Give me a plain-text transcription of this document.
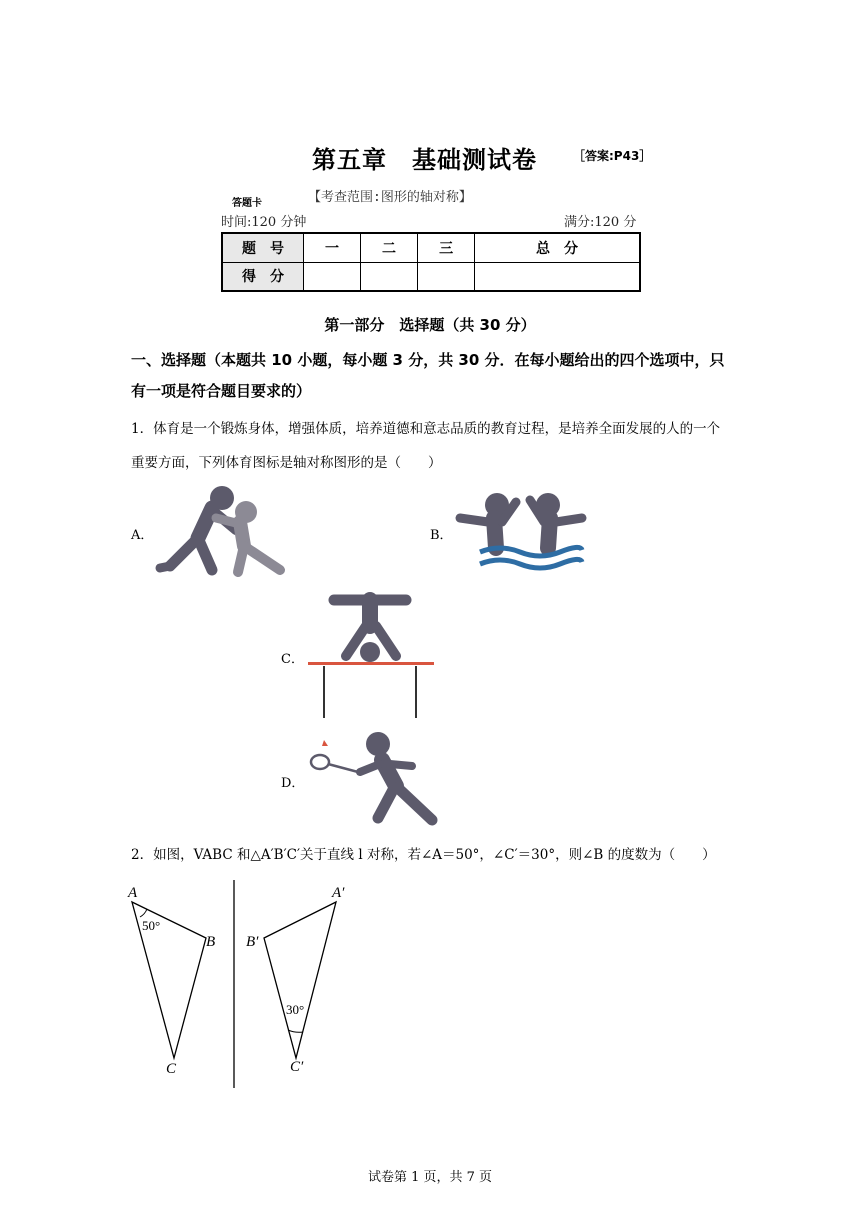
第五章　基础测试卷	［答案:P43］
【考查范围:图形的轴对称】
答题卡
时间:120 分钟	满分:120 分
题　号	一	二	三	总　分
得　分				
第一部分　选择题（共 30 分）
一、选择题（本题共 10 小题，每小题 3 分，共 30 分．在每小题给出的四个选项中，只有一项是符合题目要求的）
1．体育是一个锻炼身体，增强体质，培养道德和意志品质的教育过程，是培养全面发展的人的一个重要方面，下列体育图标是轴对称图形的是（　　）
A．	B．
C．
D．
2．如图，VABC 和△A′B′C′关于直线 l 对称，若∠A＝50°，∠C′＝30°，则∠B 的度数为（　　）
A
B
C
A′
B′
C′
50°
30°
试卷第 1 页，共 7 页
